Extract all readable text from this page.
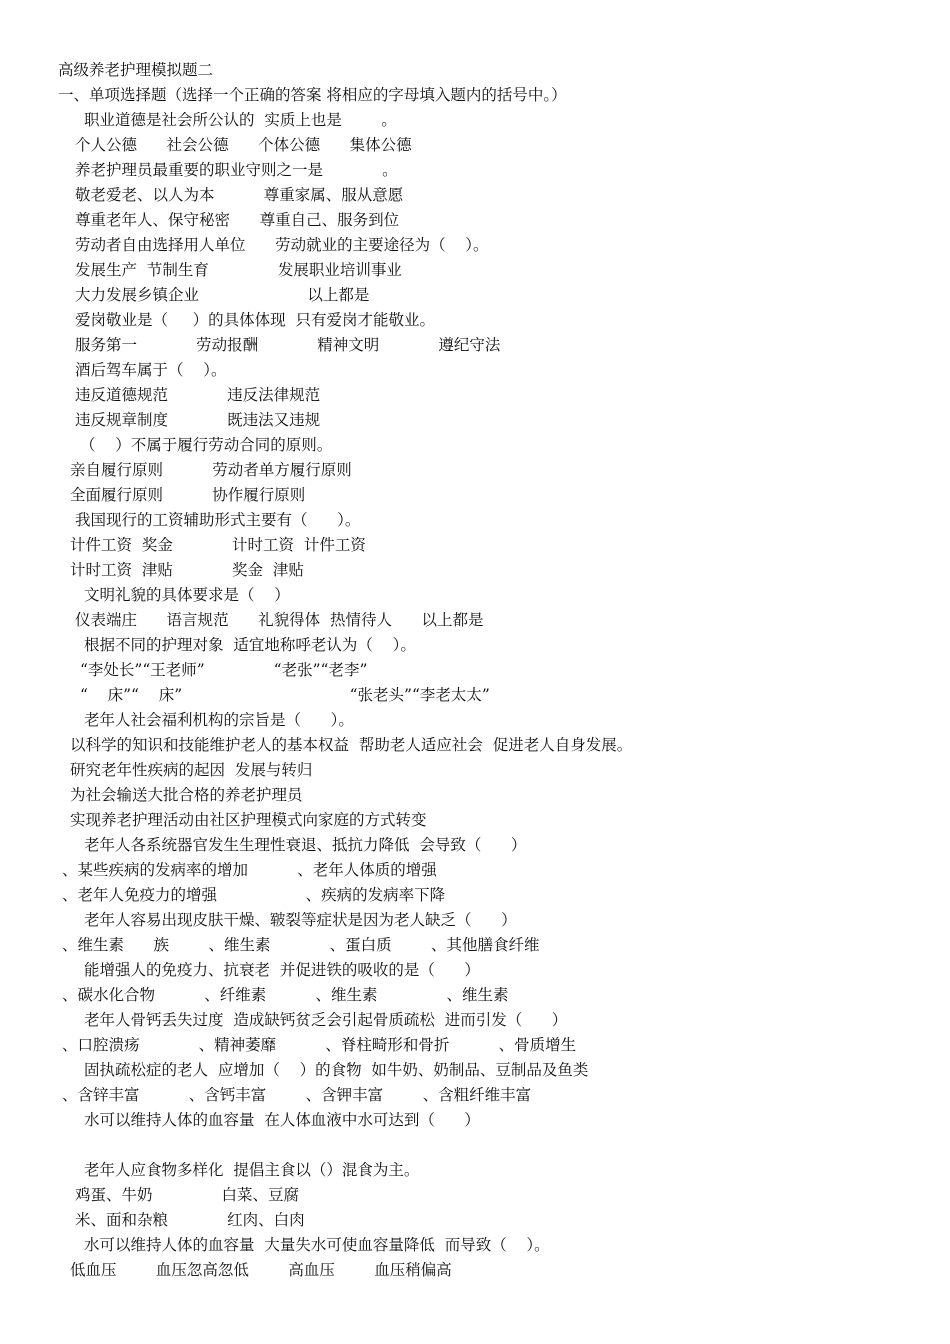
高级养老护理模拟题二
一、单项选择题（选择一个正确的答案 将相应的字母填入题内的括号中。）
职业道德是社会所公认的  实质上也是        。
个人公德      社会公德      个体公德      集体公德
养老护理员最重要的职业守则之一是            。
敬老爱老、以人为本          尊重家属、服从意愿
尊重老年人、保守秘密      尊重自己、服务到位
劳动者自由选择用人单位      劳动就业的主要途径为（    ）。
发展生产  节制生育              发展职业培训事业
大力发展乡镇企业                      以上都是
爱岗敬业是（     ）的具体体现  只有爱岗才能敬业。
服务第一            劳动报酬            精神文明            遵纪守法
酒后驾车属于（    ）。
违反道德规范            违反法律规范
违反规章制度            既违法又违规
（    ）不属于履行劳动合同的原则。
亲自履行原则          劳动者单方履行原则
全面履行原则          协作履行原则
我国现行的工资辅助形式主要有（      ）。
计件工资  奖金            计时工资  计件工资
计时工资  津贴            奖金  津贴
文明礼貌的具体要求是（    ）
仪表端庄      语言规范      礼貌得体  热情待人      以上都是
根据不同的护理对象  适宜地称呼老认为（    ）。
“李处长”“王老师”              “老张”“老李”
“    床”“    床”                                  “张老头”“李老太太”
老年人社会福利机构的宗旨是（      ）。
以科学的知识和技能维护老人的基本权益  帮助老人适应社会  促进老人自身发展。
研究老年性疾病的起因  发展与转归
为社会输送大批合格的养老护理员
实现养老护理活动由社区护理模式向家庭的方式转变
老年人各系统器官发生生理性衰退、抵抗力降低  会导致（      ）
、某些疾病的发病率的增加          、老年人体质的增强
、老年人免疫力的增强                  、疾病的发病率下降
老年人容易出现皮肤干燥、皲裂等症状是因为老人缺乏（      ）
、维生素      族        、维生素            、蛋白质        、其他膳食纤维
能增强人的免疫力、抗衰老  并促进铁的吸收的是（      ）
、碳水化合物          、纤维素          、维生素              、维生素
老年人骨钙丢失过度  造成缺钙贫乏会引起骨质疏松  进而引发（      ）
、口腔溃疡            、精神萎靡          、脊柱畸形和骨折          、骨质增生
固执疏松症的老人  应增加（    ）的食物  如牛奶、奶制品、豆制品及鱼类
、含锌丰富          、含钙丰富        、含钾丰富        、含粗纤维丰富
水可以维持人体的血容量  在人体血液中水可达到（      ）
老年人应食物多样化  提倡主食以（）混食为主。
鸡蛋、牛奶              白菜、豆腐
米、面和杂粮            红肉、白肉
水可以维持人体的血容量  大量失水可使血容量降低  而导致（    ）。
低血压        血压忽高忽低        高血压        血压稍偏高
